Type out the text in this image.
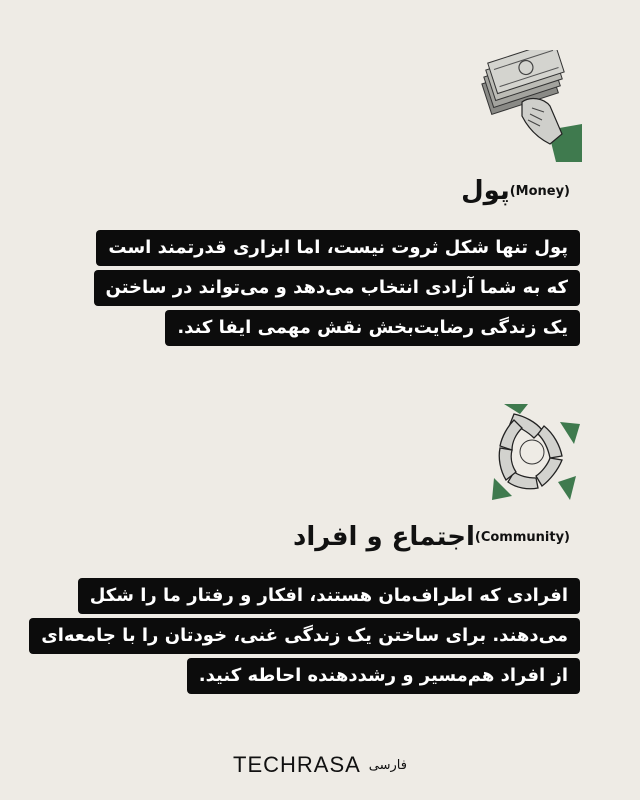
پول (Money)
پول تنها شکل ثروت نیست، اما ابزاری قدرتمند است
که به شما آزادی انتخاب می‌دهد و می‌تواند در ساختن
یک زندگی رضایت‌بخش نقش مهمی ایفا کند.
اجتماع و افراد (Community)
افرادی که اطراف‌مان هستند، افکار و رفتار ما را شکل
می‌دهند. برای ساختن یک زندگی غنی، خودتان را با جامعه‌ای
از افراد هم‌مسیر و رشددهنده احاطه کنید.
TECHRASA فارسی
